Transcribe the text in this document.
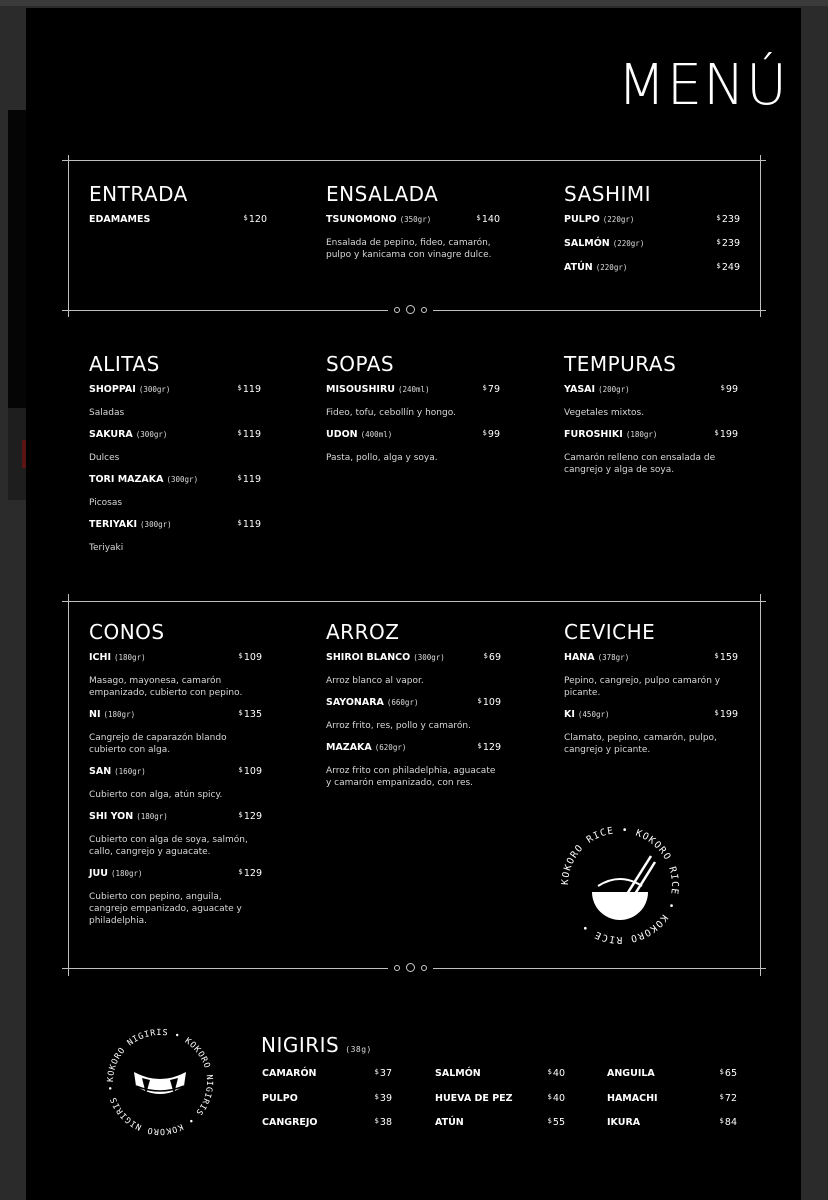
MENÚ
ENTRADA
EDAMAMES	$120
ENSALADA
TSUNOMONO (350gr)	$140
Ensalada de pepino, fideo, camarón, pulpo y kanicama con vinagre dulce.
SASHIMI
PULPO (220gr)	$239
SALMÓN (220gr)	$239
ATÚN (220gr)	$249
ALITAS
SHOPPAI (300gr)	$119
Saladas
SAKURA (300gr)	$119
Dulces
TORI MAZAKA (300gr)	$119
Picosas
TERIYAKI (300gr)	$119
Teriyaki
SOPAS
MISOUSHIRU (240ml)	$79
Fideo, tofu, cebollín y hongo.
UDON (400ml)	$99
Pasta, pollo, alga y soya.
TEMPURAS
YASAI (200gr)	$99
Vegetales mixtos.
FUROSHIKI (180gr)	$199
Camarón relleno con ensalada de cangrejo y alga de soya.
CONOS
ICHI (180gr)	$109
Masago, mayonesa, camarón empanizado, cubierto con pepino.
NI (180gr)	$135
Cangrejo de caparazón blando cubierto con alga.
SAN (160gr)	$109
Cubierto con alga, atún spicy.
SHI YON (180gr)	$129
Cubierto con alga de soya, salmón, callo, cangrejo y aguacate.
JUU (180gr)	$129
Cubierto con pepino, anguila, cangrejo empanizado, aguacate y philadelphia.
ARROZ
SHIROI BLANCO (300gr)	$69
Arroz blanco al vapor.
SAYONARA (660gr)	$109
Arroz frito, res, pollo y camarón.
MAZAKA (620gr)	$129
Arroz frito con philadelphia, aguacate y camarón empanizado, con res.
CEVICHE
HANA (378gr)	$159
Pepino, cangrejo, pulpo camarón y picante.
KI (450gr)	$199
Clamato, pepino, camarón, pulpo, cangrejo y picante.
KOKORO RICE • KOKORO RICE • KOKORO RICE •
KOKORO NIGIRIS • KOKORO NIGIRIS • KOKORO NIGIRIS •
NIGIRIS (38g)
CAMARÓN	$37
PULPO	$39
CANGREJO	$38
SALMÓN	$40
HUEVA DE PEZ	$40
ATÚN	$55
ANGUILA	$65
HAMACHI	$72
IKURA	$84
